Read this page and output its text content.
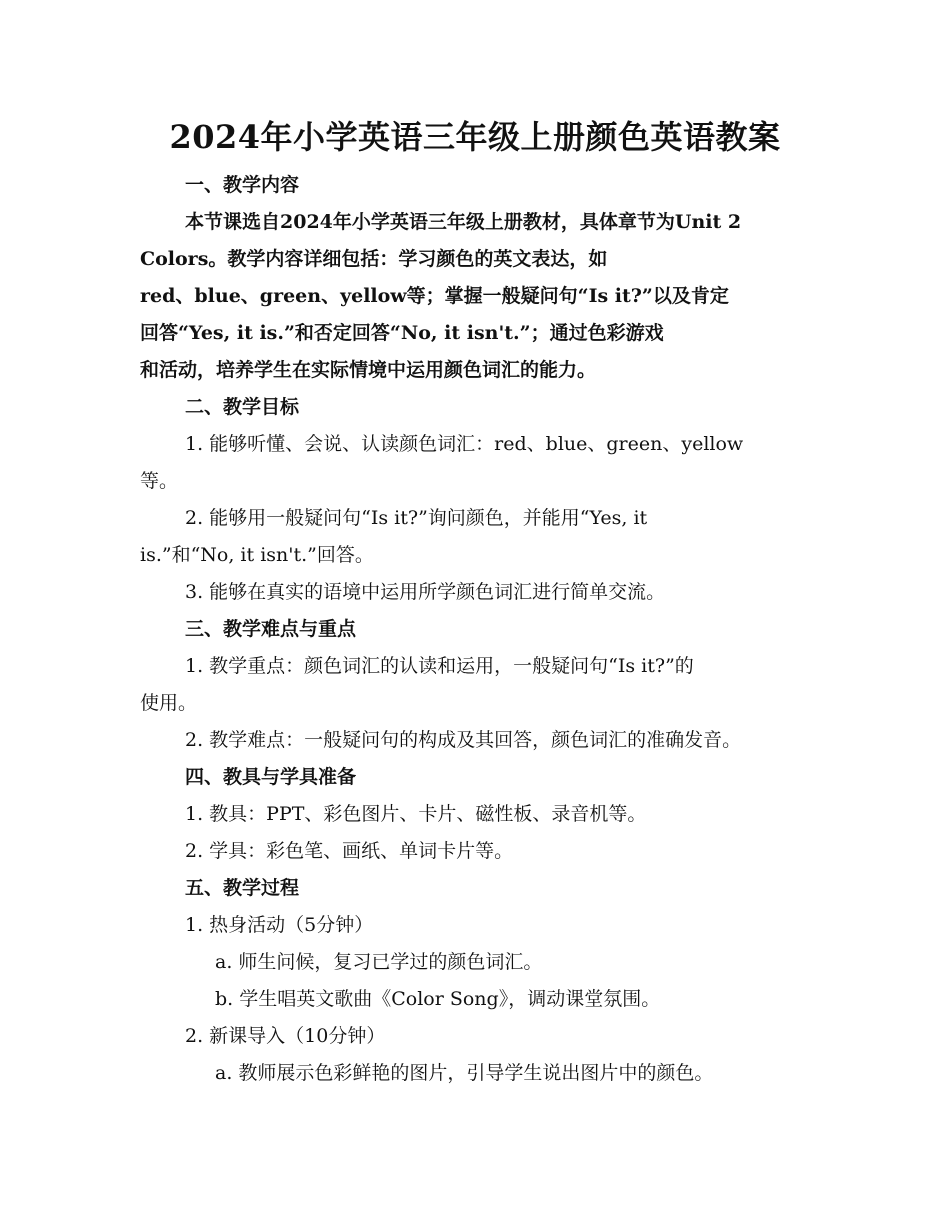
2024年小学英语三年级上册颜色英语教案
一、教学内容
本节课选自2024年小学英语三年级上册教材，具体章节为Unit 2
Colors。教学内容详细包括：学习颜色的英文表达，如
red、blue、green、yellow等；掌握一般疑问句“Is it?”以及肯定
回答“Yes, it is.”和否定回答“No, it isn't.”；通过色彩游戏
和活动，培养学生在实际情境中运用颜色词汇的能力。
二、教学目标
1. 能够听懂、会说、认读颜色词汇：red、blue、green、yellow
等。
2. 能够用一般疑问句“Is it?”询问颜色，并能用“Yes, it
is.”和“No, it isn't.”回答。
3. 能够在真实的语境中运用所学颜色词汇进行简单交流。
三、教学难点与重点
1. 教学重点：颜色词汇的认读和运用，一般疑问句“Is it?”的
使用。
2. 教学难点：一般疑问句的构成及其回答，颜色词汇的准确发音。
四、教具与学具准备
1. 教具：PPT、彩色图片、卡片、磁性板、录音机等。
2. 学具：彩色笔、画纸、单词卡片等。
五、教学过程
1. 热身活动（5分钟）
a. 师生问候，复习已学过的颜色词汇。
b. 学生唱英文歌曲《Color Song》，调动课堂氛围。
2. 新课导入（10分钟）
a. 教师展示色彩鲜艳的图片，引导学生说出图片中的颜色。
